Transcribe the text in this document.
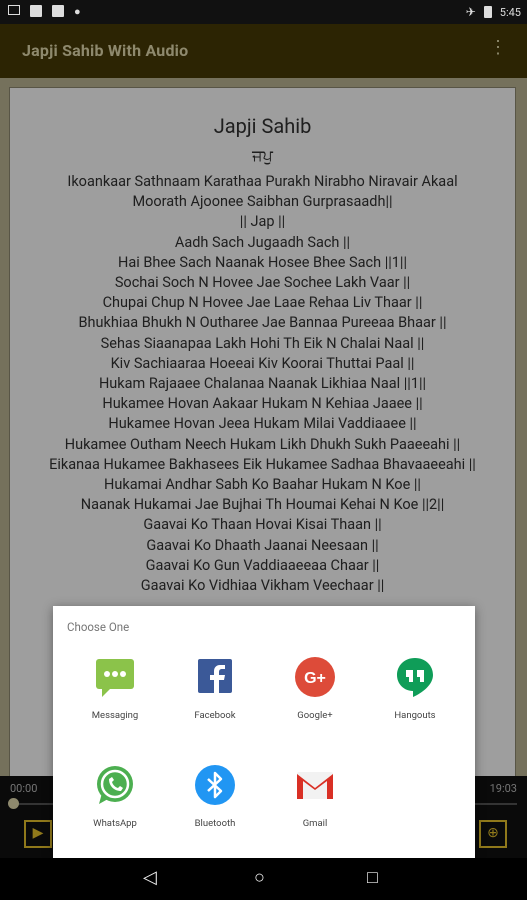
●	✈ 5:45
Japji Sahib With Audio	⋮
Japji Sahib
ਜਪੁ
Ikoankaar Sathnaam Karathaa Purakh Nirabho Niravair Akaal
Moorath Ajoonee Saibhan Gurprasaadh||
|| Jap ||
Aadh Sach Jugaadh Sach ||
Hai Bhee Sach Naanak Hosee Bhee Sach ||1||
Sochai Soch N Hovee Jae Sochee Lakh Vaar ||
Chupai Chup N Hovee Jae Laae Rehaa Liv Thaar ||
Bhukhiaa Bhukh N Outharee Jae Bannaa Pureeaa Bhaar ||
Sehas Siaanapaa Lakh Hohi Th Eik N Chalai Naal ||
Kiv Sachiaaraa Hoeeai Kiv Koorai Thuttai Paal ||
Hukam Rajaaee Chalanaa Naanak Likhiaa Naal ||1||
Hukamee Hovan Aakaar Hukam N Kehiaa Jaaee ||
Hukamee Hovan Jeea Hukam Milai Vaddiaaee ||
Hukamee Outham Neech Hukam Likh Dhukh Sukh Paaeeahi ||
Eikanaa Hukamee Bakhasees Eik Hukamee Sadhaa Bhavaaeeahi ||
Hukamai Andhar Sabh Ko Baahar Hukam N Koe ||
Naanak Hukamai Jae Bujhai Th Houmai Kehai N Koe ||2||
Gaavai Ko Thaan Hovai Kisai Thaan ||
Gaavai Ko Dhaath Jaanai Neesaan ||
Gaavai Ko Gun Vaddiaaeeaa Chaar ||
Gaavai Ko Vidhiaa Vikham Veechaar ||
00:00	19:03
▶	⊕
Choose One
Messaging	Facebook
G+
Google+	Hangouts
WhatsApp	Bluetooth	Gmail
◁	○	□
